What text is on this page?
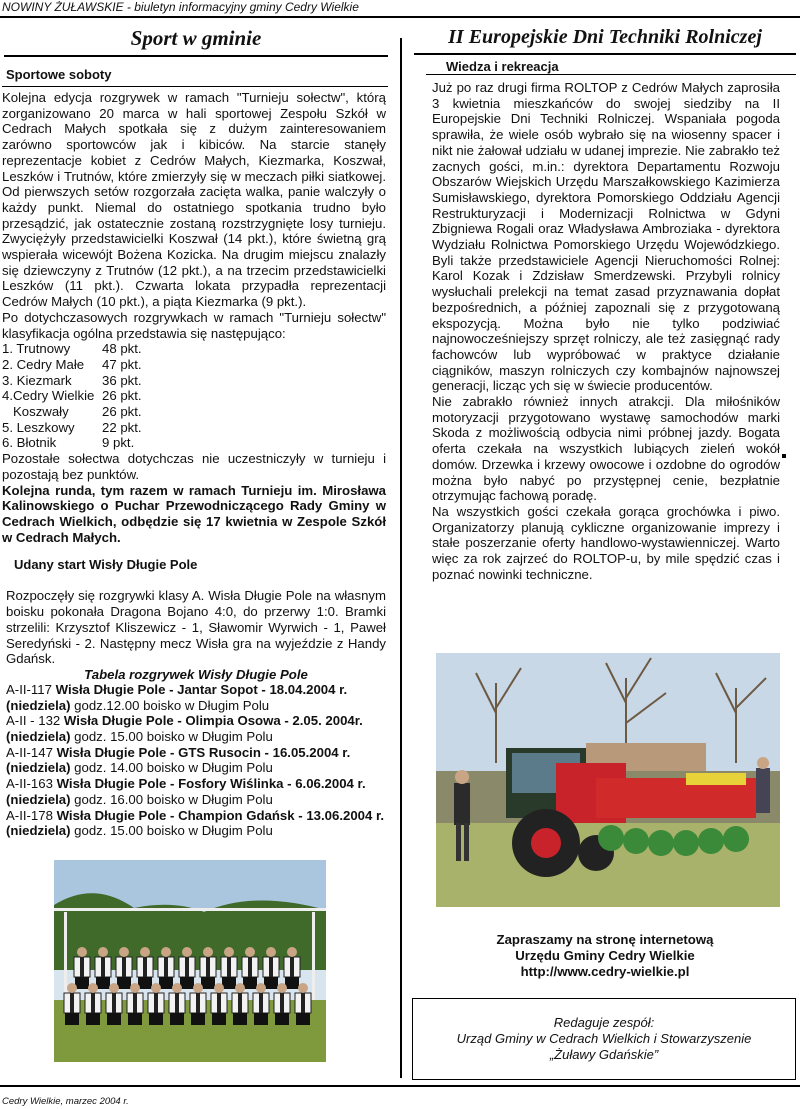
NOWINY ŻUŁAWSKIE - biuletyn informacyjny gminy Cedry Wielkie
Sport w gminie
Sportowe soboty

Kolejna edycja rozgrywek w ramach "Turnieju sołectw", którą zorganizowano 20 marca w hali sportowej Zespołu Szkół w Cedrach Małych spotkała się z dużym zainteresowaniem zarówno sportowców jak i kibiców. Na starcie stanęły reprezentacje kobiet z Cedrów Małych, Kiezmarka, Koszwał, Leszków i Trutnów, które zmierzyły się w meczach piłki siatkowej. Od pierwszych setów rozgorzała zacięta walka, panie walczyły o każdy punkt. Niemal do ostatniego spotkania trudno było przesądzić, jak ostatecznie zostaną rozstrzygnięte losy turnieju. Zwyciężyły przedstawicielki Koszwał (14 pkt.), które świetną grą wspierała wicewójt Bożena Kozicka. Na drugim miejscu znalazły się dziewczyny z Trutnów (12 pkt.), a na trzecim przedstawicielki Leszków (11 pkt.). Czwarta lokata przypadła reprezentacji Cedrów Małych (10 pkt.), a piąta Kiezmarka (9 pkt.).

Po dotychczasowych rozgrywkach w ramach "Turnieju sołectw" klasyfikacja ogólna przedstawia się następująco:

1. Trutnowy	48 pkt.
2. Cedry Małe	47 pkt.
3. Kiezmark	36 pkt.
4.Cedry Wielkie 26 pkt.
Koszwały	26 pkt.
5. Leszkowy	22 pkt.
6. Błotnik	9 pkt.

Pozostałe sołectwa dotychczas nie uczestniczyły w turnieju i pozostają bez punktów.

Kolejna runda, tym razem w ramach Turnieju im. Mirosława Kalinowskiego o Puchar Przewodniczącego Rady Gminy w Cedrach Wielkich, odbędzie się 17 kwietnia w Zespole Szkół w Cedrach Małych.

Udany start Wisły Długie Pole

Rozpoczęły się rozgrywki klasy A. Wisła Długie Pole na własnym boisku pokonała Dragona Bojano 4:0, do przerwy 1:0. Bramki strzelili: Krzysztof Kliszewicz - 1, Sławomir Wyrwich - 1, Paweł Seredyński - 2. Następny mecz Wisła gra na wyjeździe z Handy Gdańsk.

Tabela rozgrywek Wisły Długie Pole

A-II-117 Wisła Długie Pole - Jantar Sopot - 18.04.2004 r.(niedziela) godz.12.00 boisko w Długim Polu

A-II - 132 Wisła Długie Pole - Olimpia Osowa - 2.05. 2004r. (niedziela) godz. 15.00 boisko w Długim Polu

A-II-147 Wisła Długie Pole - GTS Rusocin - 16.05.2004 r. (niedziela) godz. 14.00 boisko w Długim Polu

A-II-163 Wisła Długie Pole - Fosfory Wiślinka - 6.06.2004 r. (niedziela) godz. 16.00 boisko w Długim Polu

A-II-178 Wisła Długie Pole - Champion Gdańsk - 13.06.2004 r. (niedziela) godz. 15.00 boisko w Długim Polu

II Europejskie Dni Techniki Rolniczej
Wiedza i rekreacja

Już po raz drugi firma ROLTOP z Cedrów Małych zaprosiła 3 kwietnia mieszkańców do swojej siedziby na II Europejskie Dni Techniki Rolniczej. Wspaniała pogoda sprawiła, że wiele osób wybrało się na wiosenny spacer i nikt nie żałował udziału w udanej imprezie. Nie zabrakło też zacnych gości, m.in.: dyrektora Departamentu Rozwoju Obszarów Wiejskich Urzędu Marszałkowskiego Kazimierza Sumisławskiego, dyrektora Pomorskiego Oddziału Agencji Restrukturyzacji i Modernizacji Rolnictwa w Gdyni Zbigniewa Rogali oraz Władysława Ambroziaka - dyrektora Wydziału Rolnictwa Pomorskiego Urzędu Wojewódzkiego. Byli także przedstawiciele Agencji Nieruchomości Rolnej: Karol Kozak i Zdzisław Smerdzewski. Przybyli rolnicy wysłuchali prelekcji na temat zasad przyznawania dopłat bezpośrednich, a później zapoznali się z przygotowaną ekspozycją. Można było nie tylko podziwiać najnowocześniejszy sprzęt rolniczy, ale też zasięgnąć rady fachowców lub wypróbować w praktyce działanie ciągników, maszyn rolniczych czy kombajnów najnowszej generacji, licząc ych się w świecie producentów.

Nie zabrakło również innych atrakcji. Dla miłośników motoryzacji przygotowano wystawę samochodów marki Skoda z możliwością odbycia nimi próbnej jazdy. Bogata oferta czekała na wszystkich lubiących zieleń wokół domów. Drzewka i krzewy owocowe i ozdobne do ogrodów można było nabyć po przystępnej cenie, bezpłatnie otrzymując fachową poradę.

Na wszystkich gości czekała gorąca grochówka i piwo. Organizatorzy planują cykliczne organizowanie imprezy i stałe poszerzanie oferty handlowo-wystawienniczej. Warto więc za rok zajrzeć do ROLTOP-u, by mile spędzić czas i poznać nowinki techniczne.

Zapraszamy na stronę internetową
Urzędu Gminy Cedry Wielkie
http://www.cedry-wielkie.pl
Redaguje zespół:
Urząd Gminy w Cedrach Wielkich i Stowarzyszenie
„Żuławy Gdańskie”
Cedry Wielkie, marzec 2004 r.
